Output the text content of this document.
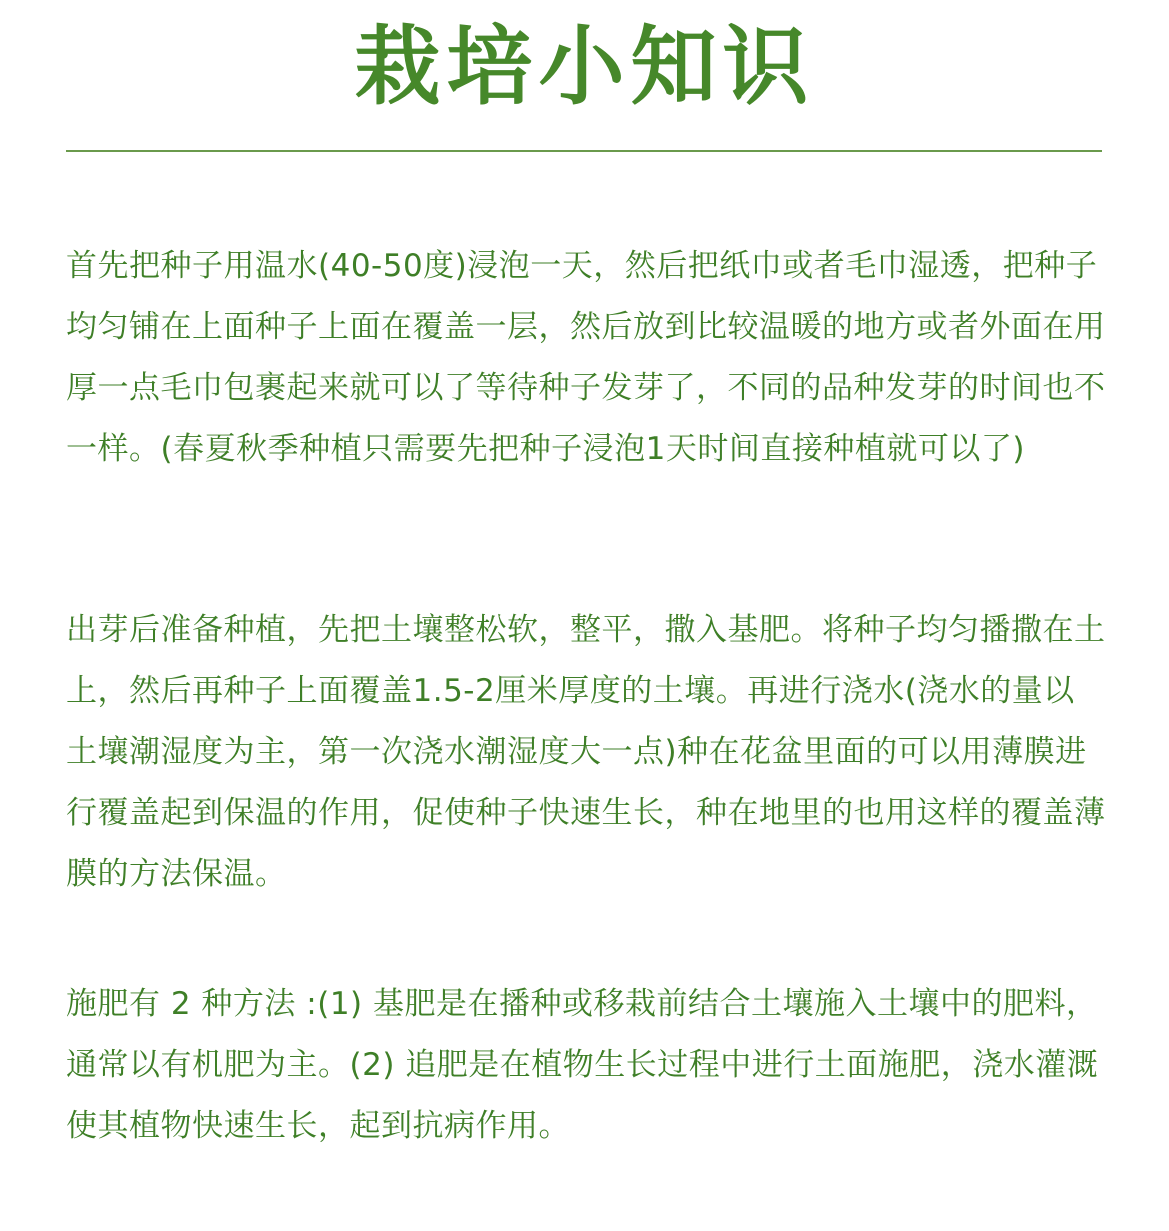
栽培小知识

首先把种子用温水(40-50度)浸泡一天，然后把纸巾或者毛巾湿透，把种子均匀铺在上面种子上面在覆盖一层，然后放到比较温暖的地方或者外面在用厚一点毛巾包裹起来就可以了等待种子发芽了，不同的品种发芽的时间也不一样。(春夏秋季种植只需要先把种子浸泡1天时间直接种植就可以了)

出芽后准备种植，先把土壤整松软，整平，撒入基肥。将种子均匀播撒在土上，然后再种子上面覆盖1.5-2厘米厚度的土壤。再进行浇水(浇水的量以土壤潮湿度为主，第一次浇水潮湿度大一点)种在花盆里面的可以用薄膜进行覆盖起到保温的作用，促使种子快速生长，种在地里的也用这样的覆盖薄膜的方法保温。

施肥有 2 种方法 :(1) 基肥是在播种或移栽前结合土壤施入土壤中的肥料，通常以有机肥为主。(2) 追肥是在植物生长过程中进行土面施肥，浇水灌溉使其植物快速生长，起到抗病作用。
